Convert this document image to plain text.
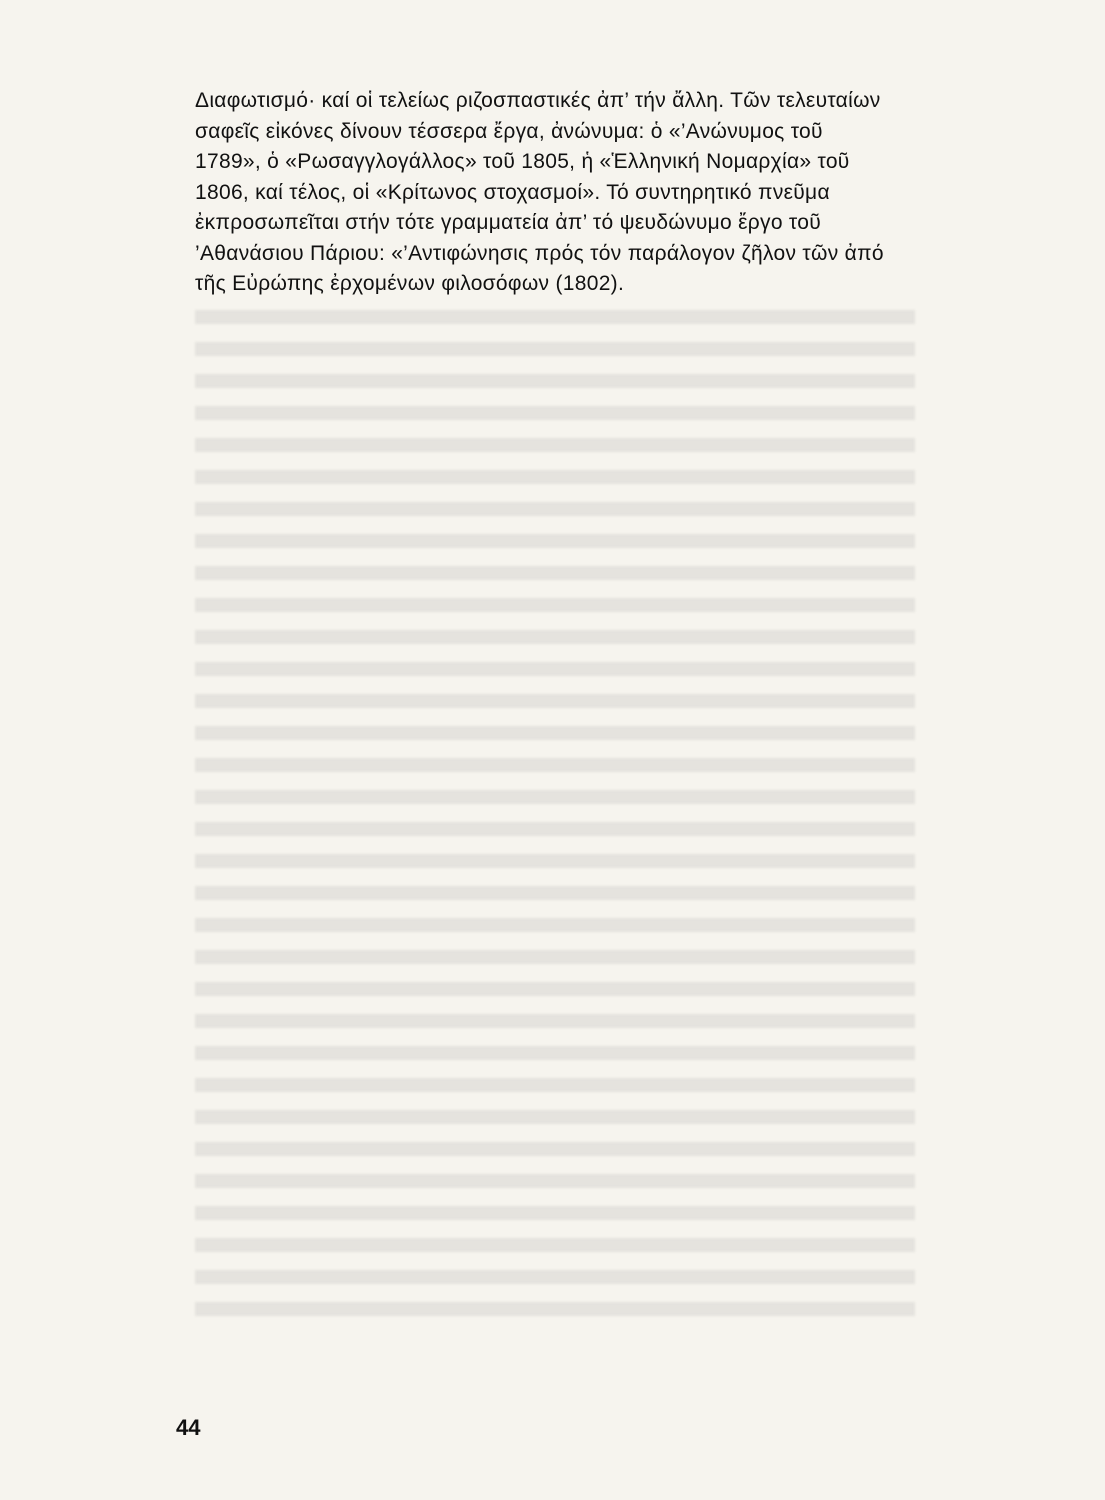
Διαφωτισμό· καί οἱ τελείως ριζοσπαστικές ἀπ’ τήν ἄλλη. Τῶν τελευταίων
σαφεῖς εἰκόνες δίνουν τέσσερα ἔργα, ἀνώνυμα: ὁ «’Ανώνυμος τοῦ
1789», ὁ «Ρωσαγγλογάλλος» τοῦ 1805, ἡ «Ἑλληνική Νομαρχία» τοῦ
1806, καί τέλος, οἱ «Κρίτωνος στοχασμοί». Τό συντηρητικό πνεῦμα
ἐκπροσωπεῖται στήν τότε γραμματεία ἀπ’ τό ψευδώνυμο ἔργο τοῦ
’Αθανάσιου Πάριου: «’Αντιφώνησις πρός τόν παράλογον ζῆλον τῶν ἀπό
τῆς Εὐρώπης ἐρχομένων φιλοσόφων (1802).

44
